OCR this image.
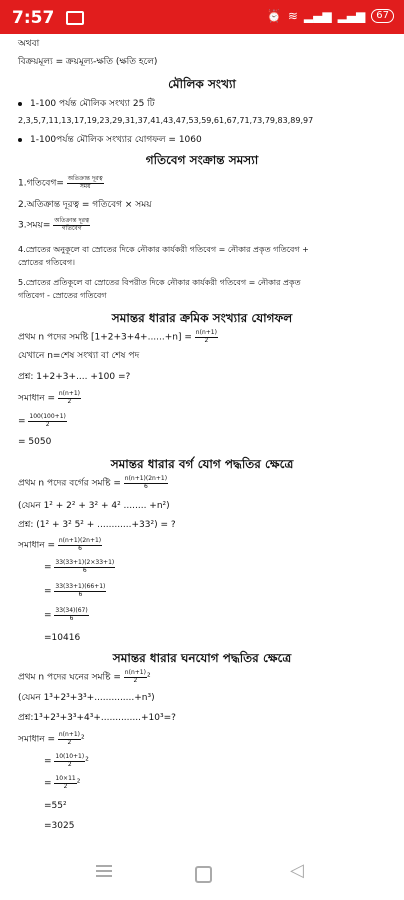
7:57	⏰ ≋ ▂▄▆ ▂▄▆	67
অথবা
বিক্রয়মূল্য = ক্রয়মূল্য-ক্ষতি (ক্ষতি হলে)
মৌলিক সংখ্যা
1-100 পর্যন্ত মৌলিক সংখ্যা 25 টি
2,3,5,7,11,13,17,19,23,29,31,37,41,43,47,53,59,61,67,71,73,79,83,89,97
1-100পর্যন্ত মৌলিক সংখ্যার যোগফল = 1060
গতিবেগ সংক্রান্ত সমস্যা
1.গতিবেগ= $\frac{\text{অতিক্রান্ত দূরত্ব}}{\text{সময়}}$
2.অতিক্রান্ত দূরত্ব = গতিবেগ × সময়
3.সময়= $\frac{\text{অতিক্রান্ত দূরত্ব}}{\text{গতিবেগ}}$
4.স্রোতের অনুকূলে বা স্রোতের দিকে নৌকার কার্যকরী গতিবেগ = নৌকার প্রকৃত গতিবেগ +
স্রোতের গতিবেগ।
5.স্রোতের প্রতিকূলে বা স্রোতের বিপরীত দিকে নৌকার কার্যকরী গতিবেগ = নৌকার প্রকৃত
গতিবেগ - স্রোতের গতিবেগ
সমান্তর ধারার ক্রমিক সংখ্যার যোগফল
প্রথম n পদের সমষ্টি $[1+2+3+4+......+n] = \frac{n(n+1)}{2}$
যেখানে n=শেষ সংখ্যা বা শেষ পদ
প্রশ্ন: 1+2+3+.... +100 =?
সমাধান = $\frac{n(n+1)}{2}$
= $\frac{100(100+1)}{2}$
= 5050
সমান্তর ধারার বর্গ যোগ পদ্ধতির ক্ষেত্রে
প্রথম n পদের বর্গের সমষ্টি = $\frac{n(n+1)(2n+1)}{6}$
(যেমন 1² + 2² + 3² + 4² ........ +n²)
প্রশ্ন: (1² + 3² 5² + ............+33²) = ?
সমাধান = $\frac{n(n+1)(2n+1)}{6}$
= $\frac{33(33+1)(2\times 33+1)}{6}$
= $\frac{33(33+1)(66+1)}{6}$
= $\frac{33(34)(67)}{6}$
=10416
সমান্তর ধারার ঘনযোগ পদ্ধতির ক্ষেত্রে
প্রথম n পদের ঘনের সমষ্টি = $\frac{n(n+1)}{2} ^2$
(যেমন 1³+2³+3³+..............+n³)
প্রশ্ন:1³+2³+3³+4³+..............+10³=?
সমাধান = $\frac{n(n+1)}{2} ^2$
= $\frac{10(10+1)}{2} ^2$
= $\frac{10\times 11}{2} ^2$
=55²
=3025
◁
